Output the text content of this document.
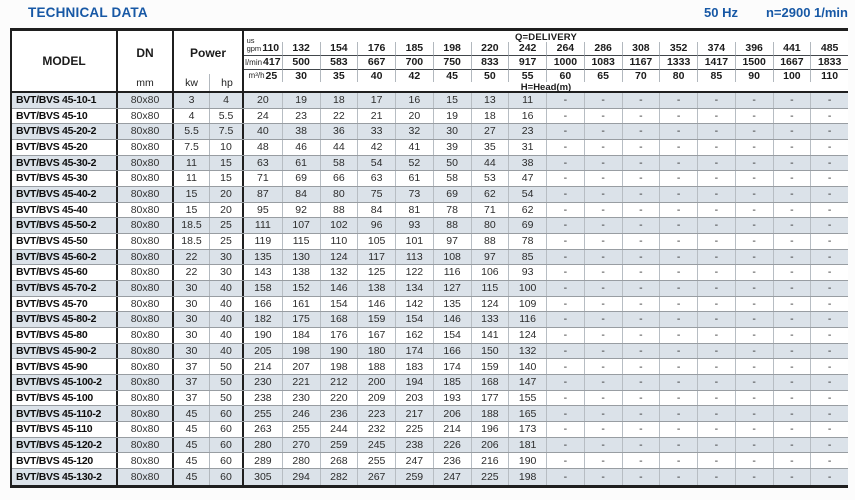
TECHNICAL DATA	50 Hz n=2900 1/min
MODEL
DN
mm
Power
kw	hp
Q=DELIVERY
H=Head(m)
us
gpm 110 132 154 176 185 198 220 242 264 286 308 352 374 396 441 485
l/min 417 500 583 667 700 750 833 917 1000 1083 1167 1333 1417 1500 1667 1833
m³/h 25 30 35 40 42 45 50 55 60 65 70 80 85 90 100 110
BVT/BVS 45-10-1	80x80	3	4	20	19	18	17	16	15	13	11	-	-	-	-	-	-	-	-
BVT/BVS 45-10	80x80	4	5.5	24	23	22	21	20	19	18	16	-	-	-	-	-	-	-	-
BVT/BVS 45-20-2	80x80	5.5	7.5	40	38	36	33	32	30	27	23	-	-	-	-	-	-	-	-
BVT/BVS 45-20	80x80	7.5	10	48	46	44	42	41	39	35	31	-	-	-	-	-	-	-	-
BVT/BVS 45-30-2	80x80	11	15	63	61	58	54	52	50	44	38	-	-	-	-	-	-	-	-
BVT/BVS 45-30	80x80	11	15	71	69	66	63	61	58	53	47	-	-	-	-	-	-	-	-
BVT/BVS 45-40-2	80x80	15	20	87	84	80	75	73	69	62	54	-	-	-	-	-	-	-	-
BVT/BVS 45-40	80x80	15	20	95	92	88	84	81	78	71	62	-	-	-	-	-	-	-	-
BVT/BVS 45-50-2	80x80	18.5	25	111	107	102	96	93	88	80	69	-	-	-	-	-	-	-	-
BVT/BVS 45-50	80x80	18.5	25	119	115	110	105	101	97	88	78	-	-	-	-	-	-	-	-
BVT/BVS 45-60-2	80x80	22	30	135	130	124	117	113	108	97	85	-	-	-	-	-	-	-	-
BVT/BVS 45-60	80x80	22	30	143	138	132	125	122	116	106	93	-	-	-	-	-	-	-	-
BVT/BVS 45-70-2	80x80	30	40	158	152	146	138	134	127	115	100	-	-	-	-	-	-	-	-
BVT/BVS 45-70	80x80	30	40	166	161	154	146	142	135	124	109	-	-	-	-	-	-	-	-
BVT/BVS 45-80-2	80x80	30	40	182	175	168	159	154	146	133	116	-	-	-	-	-	-	-	-
BVT/BVS 45-80	80x80	30	40	190	184	176	167	162	154	141	124	-	-	-	-	-	-	-	-
BVT/BVS 45-90-2	80x80	30	40	205	198	190	180	174	166	150	132	-	-	-	-	-	-	-	-
BVT/BVS 45-90	80x80	37	50	214	207	198	188	183	174	159	140	-	-	-	-	-	-	-	-
BVT/BVS 45-100-2	80x80	37	50	230	221	212	200	194	185	168	147	-	-	-	-	-	-	-	-
BVT/BVS 45-100	80x80	37	50	238	230	220	209	203	193	177	155	-	-	-	-	-	-	-	-
BVT/BVS 45-110-2	80x80	45	60	255	246	236	223	217	206	188	165	-	-	-	-	-	-	-	-
BVT/BVS 45-110	80x80	45	60	263	255	244	232	225	214	196	173	-	-	-	-	-	-	-	-
BVT/BVS 45-120-2	80x80	45	60	280	270	259	245	238	226	206	181	-	-	-	-	-	-	-	-
BVT/BVS 45-120	80x80	45	60	289	280	268	255	247	236	216	190	-	-	-	-	-	-	-	-
BVT/BVS 45-130-2	80x80	45	60	305	294	282	267	259	247	225	198	-	-	-	-	-	-	-	-
